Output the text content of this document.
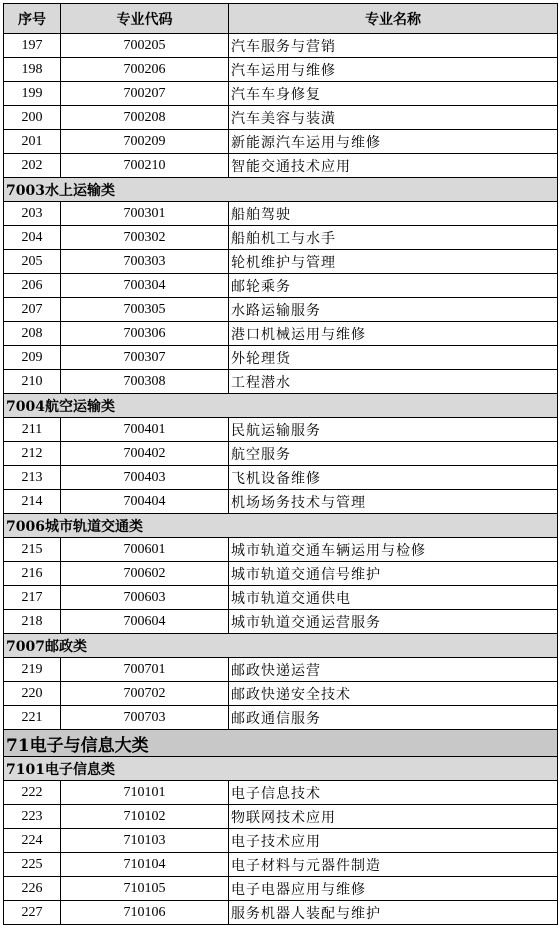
序号	专业代码	专业名称
197	700205	汽车服务与营销
198	700206	汽车运用与维修
199	700207	汽车车身修复
200	700208	汽车美容与装潢
201	700209	新能源汽车运用与维修
202	700210	智能交通技术应用
7003水上运输类		
203	700301	船舶驾驶
204	700302	船舶机工与水手
205	700303	轮机维护与管理
206	700304	邮轮乘务
207	700305	水路运输服务
208	700306	港口机械运用与维修
209	700307	外轮理货
210	700308	工程潜水
7004航空运输类		
211	700401	民航运输服务
212	700402	航空服务
213	700403	飞机设备维修
214	700404	机场场务技术与管理
7006城市轨道交通类		
215	700601	城市轨道交通车辆运用与检修
216	700602	城市轨道交通信号维护
217	700603	城市轨道交通供电
218	700604	城市轨道交通运营服务
7007邮政类		
219	700701	邮政快递运营
220	700702	邮政快递安全技术
221	700703	邮政通信服务
71电子与信息大类		
7101电子信息类		
222	710101	电子信息技术
223	710102	物联网技术应用
224	710103	电子技术应用
225	710104	电子材料与元器件制造
226	710105	电子电器应用与维修
227	710106	服务机器人装配与维护
